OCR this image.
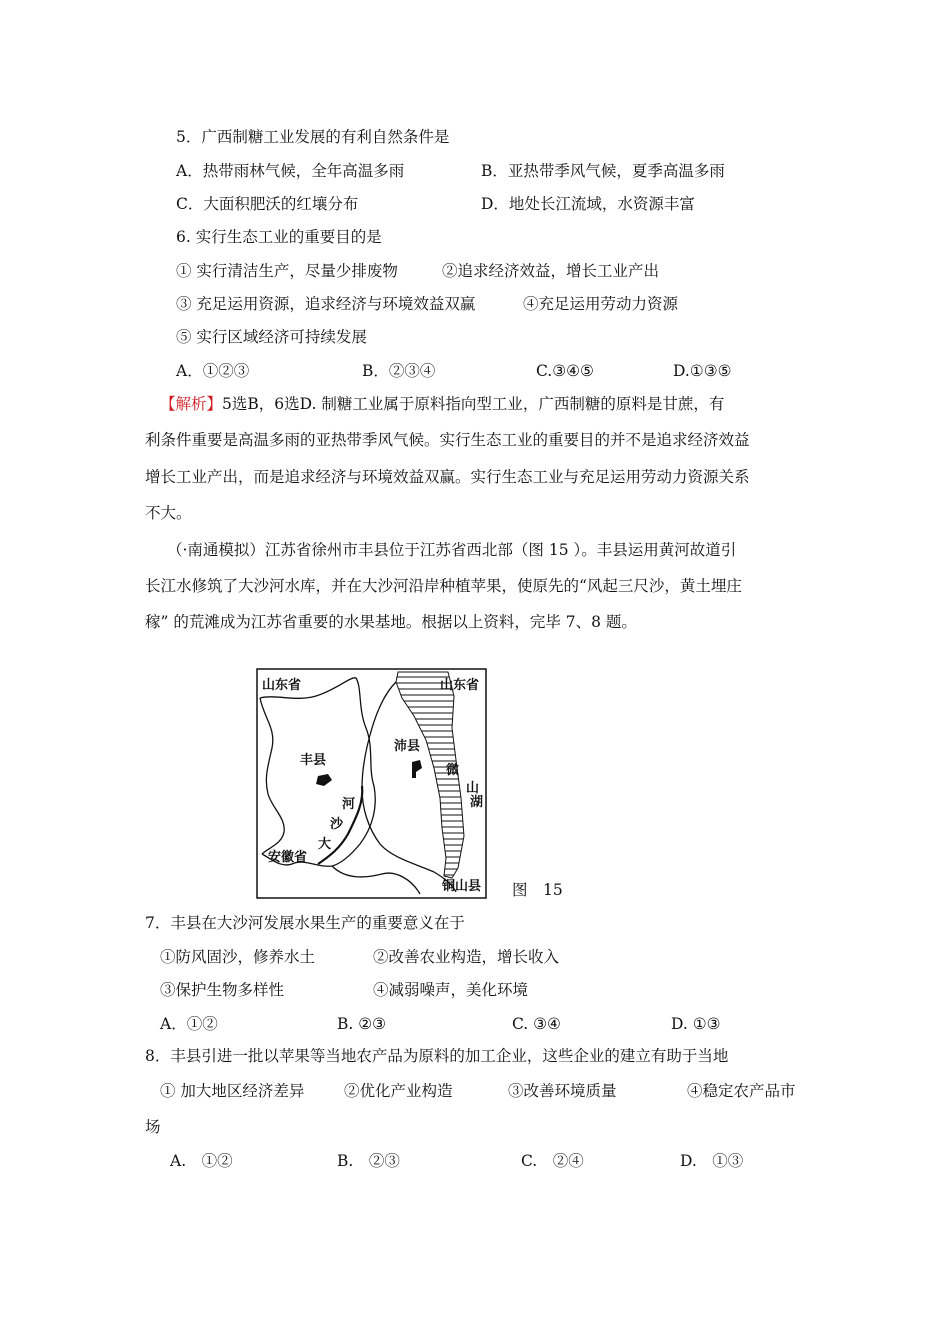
5．广西制糖工业发展的有利自然条件是
A．热带雨林气候，全年高温多雨	B．亚热带季风气候，夏季高温多雨
C．大面积肥沃的红壤分布	D．地处长江流域，水资源丰富
6. 实行生态工业的重要目的是
① 实行清洁生产，尽量少排废物	②追求经济效益，增长工业产出
③ 充足运用资源，追求经济与环境效益双赢	④充足运用劳动力资源
⑤ 实行区域经济可持续发展
A．①②③	B．②③④	C.③④⑤	D.①③⑤
【解析】5选B，6选D. 制糖工业属于原料指向型工业，广西制糖的原料是甘蔗，有
利条件重要是高温多雨的亚热带季风气候。实行生态工业的重要目的并不是追求经济效益
增长工业产出，而是追求经济与环境效益双赢。实行生态工业与充足运用劳动力资源关系
不大。
（·南通模拟）江苏省徐州市丰县位于江苏省西北部（图 15 ）。丰县运用黄河故道引
长江水修筑了大沙河水库，并在大沙河沿岸种植苹果，使原先的“风起三尺沙，黄土埋庄
稼” 的荒滩成为江苏省重要的水果基地。根据以上资料，完毕 7、8 题。
山东省	山东省
丰县
沛县
微
山
湖
河
沙
大
安徽省
铜山县 图　15
7．丰县在大沙河发展水果生产的重要意义在于
①防风固沙，修养水土	②改善农业构造，增长收入
③保护生物多样性	④减弱噪声，美化环境
A．①②	B. ②③	C. ③④	D. ①③
8．丰县引进一批以苹果等当地农产品为原料的加工企业，这些企业的建立有助于当地
① 加大地区经济差异	②优化产业构造	③改善环境质量	④稳定农产品市
场
A.　①②	B.　②③	C.　②④	D.　①③
